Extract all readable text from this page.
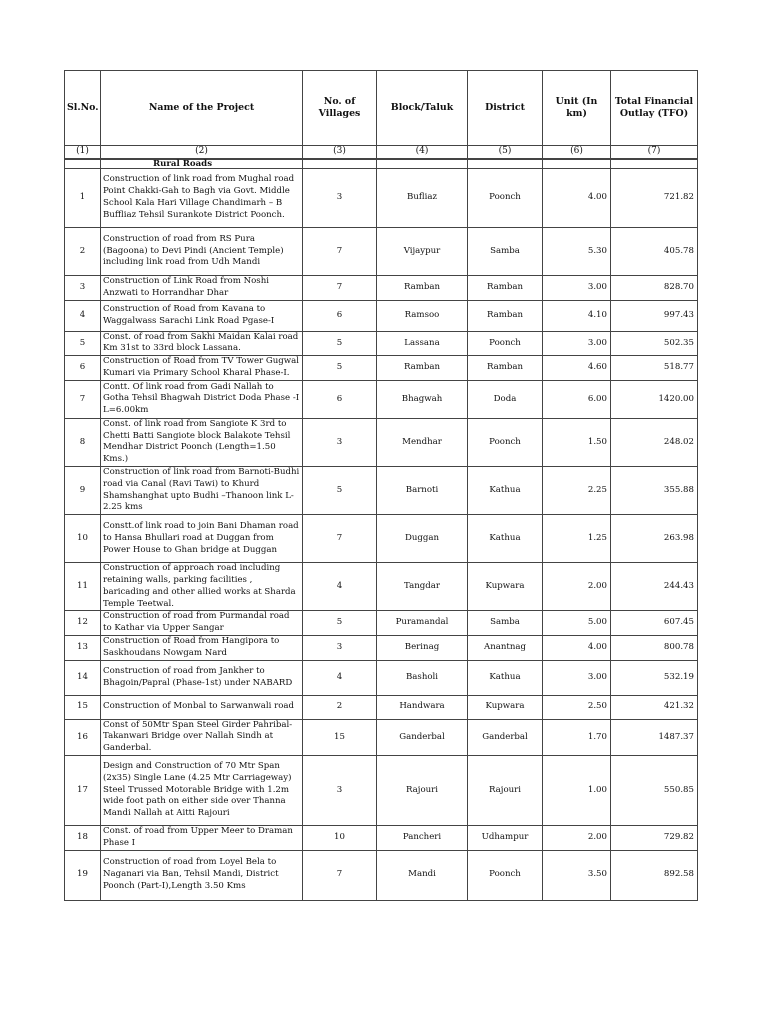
Sl.No.	Name of the Project	No. of Villages	Block/Taluk	District	Unit (In km)	Total Financial Outlay (TFO)
(1)	(2)	(3)	(4)	(5)	(6)	(7)
	Rural Roads					
1	Construction of link road from Mughal road Point Chakki-Gah to Bagh via Govt. Middle School Kala Hari Village Chandimarh – B Buffliaz Tehsil Surankote District Poonch.	3	Bufliaz	Poonch	4.00	721.82
2	Construction of road from RS Pura (Bagoona) to Devi Pindi (Ancient Temple) including link road from Udh Mandi	7	Vijaypur	Samba	5.30	405.78
3	Construction of Link Road from Noshi Anzwati to Horrandhar Dhar	7	Ramban	Ramban	3.00	828.70
4	Construction of Road from Kavana to Waggalwass Sarachi Link Road Pgase-I	6	Ramsoo	Ramban	4.10	997.43
5	Const. of road from Sakhi Maidan Kalai road Km 31st to 33rd block Lassana.	5	Lassana	Poonch	3.00	502.35
6	Construction of Road from TV Tower Gugwal Kumari via Primary School Kharal Phase-I.	5	Ramban	Ramban	4.60	518.77
7	Contt. Of link road from Gadi Nallah to Gotha Tehsil Bhagwah District Doda Phase -I L=6.00km	6	Bhagwah	Doda	6.00	1420.00
8	Const. of link road from Sangiote K 3rd to Chetti Batti Sangiote block Balakote Tehsil Mendhar District Poonch (Length=1.50 Kms.)	3	Mendhar	Poonch	1.50	248.02
9	Construction of link road from Barnoti-Budhi road via Canal (Ravi Tawi) to Khurd Shamshanghat upto Budhi –Thanoon link L-2.25 kms	5	Barnoti	Kathua	2.25	355.88
10	Constt.of link road to join Bani Dhaman road to Hansa Bhullari road at Duggan from Power House to Ghan bridge at Duggan	7	Duggan	Kathua	1.25	263.98
11	Construction of approach road including retaining walls, parking facilities , baricading and other allied works at Sharda Temple Teetwal.	4	Tangdar	Kupwara	2.00	244.43
12	Construction of road from Purmandal road to Kathar via Upper Sangar	5	Puramandal	Samba	5.00	607.45
13	Construction of Road from Hangipora to Saskhoudans Nowgam Nard	3	Berinag	Anantnag	4.00	800.78
14	Construction of road from Jankher to Bhagoin/Papral (Phase-1st) under NABARD	4	Basholi	Kathua	3.00	532.19
15	Construction of Monbal to Sarwanwali road	2	Handwara	Kupwara	2.50	421.32
16	Const of 50Mtr Span Steel Girder Pahribal-Takanwari Bridge over Nallah Sindh at Ganderbal.	15	Ganderbal	Ganderbal	1.70	1487.37
17	Design and Construction of 70 Mtr Span (2x35) Single Lane (4.25 Mtr Carriageway) Steel Trussed Motorable Bridge with 1.2m wide foot path on either side over Thanna Mandi Nallah at Aitti Rajouri	3	Rajouri	Rajouri	1.00	550.85
18	Const. of road from Upper Meer to Draman Phase I	10	Pancheri	Udhampur	2.00	729.82
19	Construction of road from Loyel Bela to Naganari via Ban, Tehsil Mandi, District Poonch (Part-I),Length 3.50 Kms	7	Mandi	Poonch	3.50	892.58
